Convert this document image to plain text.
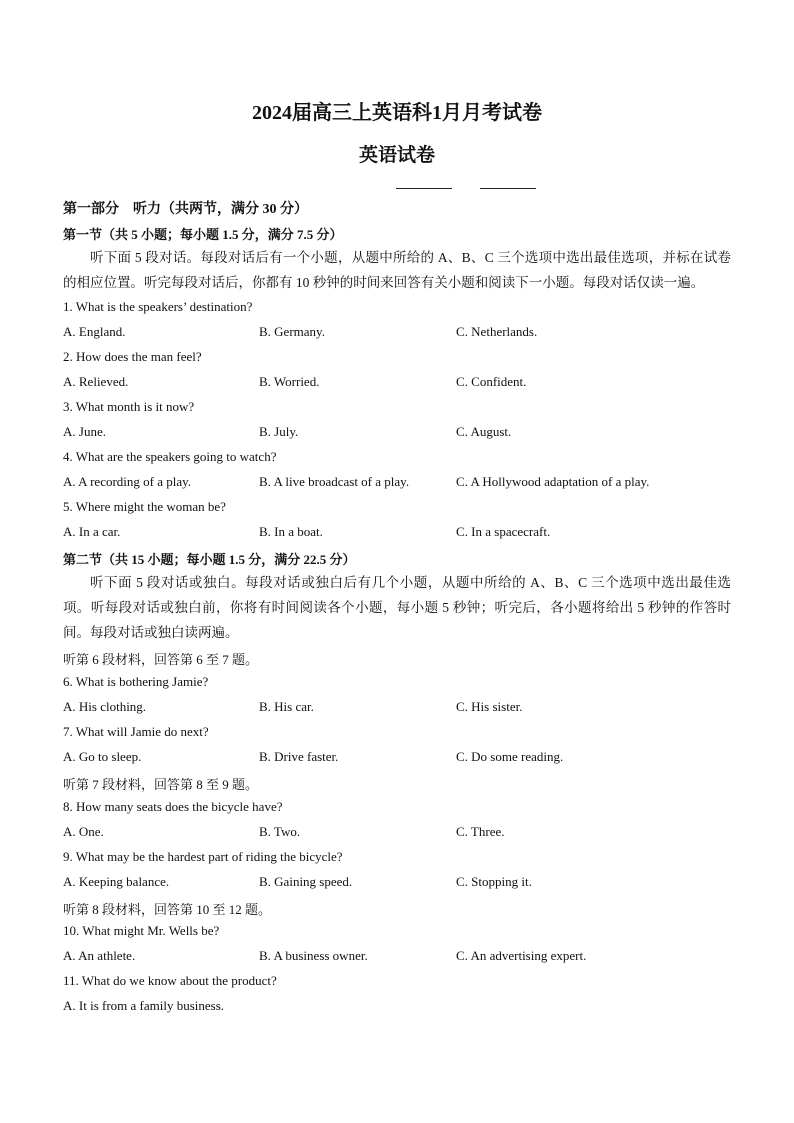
2024届高三上英语科1月月考试卷
英语试卷
第一部分　听力（共两节，满分 30 分）
第一节（共 5 小题；每小题 1.5 分，满分 7.5 分）
听下面 5 段对话。每段对话后有一个小题，从题中所给的 A、B、C 三个选项中选出最佳选项，并标在试卷的相应位置。听完每段对话后，你都有 10 秒钟的时间来回答有关小题和阅读下一小题。每段对话仅读一遍。
1. What is the speakers’ destination?
A. England.	B. Germany.	C. Netherlands.
2. How does the man feel?
A. Relieved.	B. Worried.	C. Confident.
3. What month is it now?
A. June.	B. July.	C. August.
4. What are the speakers going to watch?
A. A recording of a play.	B. A live broadcast of a play.	C. A Hollywood adaptation of a play.
5. Where might the woman be?
A. In a car.	B. In a boat.	C. In a spacecraft.
第二节（共 15 小题；每小题 1.5 分，满分 22.5 分）
听下面 5 段对话或独白。每段对话或独白后有几个小题，从题中所给的 A、B、C 三个选项中选出最佳选项。听每段对话或独白前，你将有时间阅读各个小题，每小题 5 秒钟；听完后，各小题将给出 5 秒钟的作答时间。每段对话或独白读两遍。
听第 6 段材料，回答第 6 至 7 题。
6. What is bothering Jamie?
A. His clothing.	B. His car.	C. His sister.
7. What will Jamie do next?
A. Go to sleep.	B. Drive faster.	C. Do some reading.
听第 7 段材料，回答第 8 至 9 题。
8. How many seats does the bicycle have?
A. One.	B. Two.	C. Three.
9. What may be the hardest part of riding the bicycle?
A. Keeping balance.	B. Gaining speed.	C. Stopping it.
听第 8 段材料，回答第 10 至 12 题。
10. What might Mr. Wells be?
A. An athlete.	B. A business owner.	C. An advertising expert.
11. What do we know about the product?
A. It is from a family business.
